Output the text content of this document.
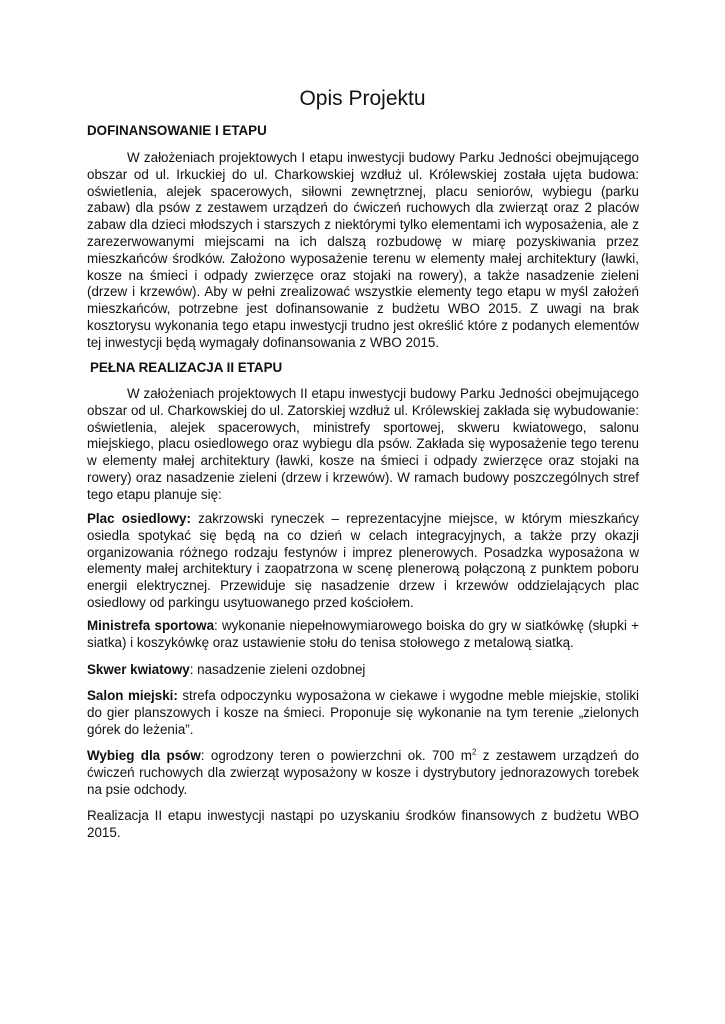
Opis Projektu
DOFINANSOWANIE I ETAPU

W założeniach projektowych I etapu inwestycji budowy Parku Jedności obejmującego obszar od ul. Irkuckiej do ul. Charkowskiej wzdłuż ul. Królewskiej została ujęta budowa: oświetlenia, alejek spacerowych, siłowni zewnętrznej, placu seniorów, wybiegu (parku zabaw) dla psów z zestawem urządzeń do ćwiczeń ruchowych dla zwierząt oraz 2 placów zabaw dla dzieci młodszych i starszych z niektórymi tylko elementami ich wyposażenia, ale z zarezerwowanymi miejscami na ich dalszą rozbudowę w miarę pozyskiwania przez mieszkańców środków. Założono wyposażenie terenu w elementy małej architektury (ławki, kosze na śmieci i odpady zwierzęce oraz stojaki na rowery), a także nasadzenie zieleni (drzew i krzewów). Aby w pełni zrealizować wszystkie elementy tego etapu w myśl założeń mieszkańców, potrzebne jest dofinansowanie z budżetu WBO 2015. Z uwagi na brak kosztorysu wykonania tego etapu inwestycji trudno jest określić które z podanych elementów tej inwestycji będą wymagały dofinansowania z WBO 2015.

PEŁNA REALIZACJA II ETAPU

W założeniach projektowych II etapu inwestycji budowy Parku Jedności obejmującego obszar od ul. Charkowskiej do ul. Zatorskiej wzdłuż ul. Królewskiej zakłada się wybudowanie: oświetlenia, alejek spacerowych, ministrefy sportowej, skweru kwiatowego, salonu miejskiego, placu osiedlowego oraz wybiegu dla psów. Zakłada się wyposażenie tego terenu w elementy małej architektury (ławki, kosze na śmieci i odpady zwierzęce oraz stojaki na rowery) oraz nasadzenie zieleni (drzew i krzewów). W ramach budowy poszczególnych stref tego etapu planuje się:

Plac osiedlowy: zakrzowski ryneczek – reprezentacyjne miejsce, w którym mieszkańcy osiedla spotykać się będą na co dzień w celach integracyjnych, a także przy okazji organizowania różnego rodzaju festynów i imprez plenerowych. Posadzka wyposażona w elementy małej architektury i zaopatrzona w scenę plenerową połączoną z punktem poboru energii elektrycznej. Przewiduje się nasadzenie drzew i krzewów oddzielających plac osiedlowy od parkingu usytuowanego przed kościołem.

Ministrefa sportowa: wykonanie niepełnowymiarowego boiska do gry w siatkówkę (słupki + siatka) i koszykówkę oraz ustawienie stołu do tenisa stołowego z metalową siatką.

Skwer kwiatowy: nasadzenie zieleni ozdobnej

Salon miejski: strefa odpoczynku wyposażona w ciekawe i wygodne meble miejskie, stoliki do gier planszowych i kosze na śmieci. Proponuje się wykonanie na tym terenie „zielonych górek do leżenia”.

Wybieg dla psów: ogrodzony teren o powierzchni ok. 700 $m^2$ z zestawem urządzeń do ćwiczeń ruchowych dla zwierząt wyposażony w kosze i dystrybutory jednorazowych torebek na psie odchody.

Realizacja II etapu inwestycji nastąpi po uzyskaniu środków finansowych z budżetu WBO 2015.
